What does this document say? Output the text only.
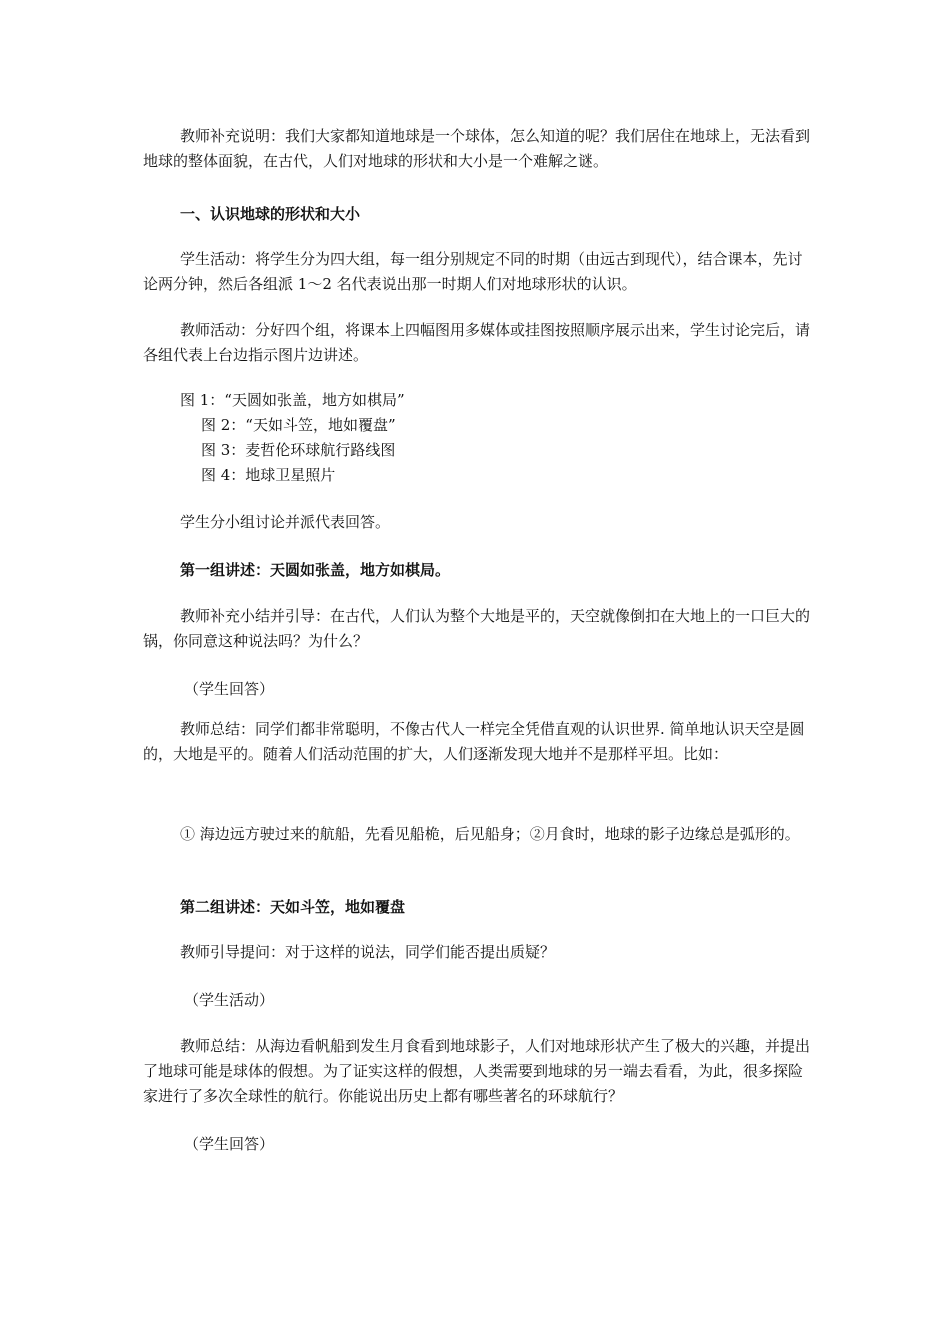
教师补充说明：我们大家都知道地球是一个球体，怎么知道的呢？我们居住在地球上，无法看到地球的整体面貌，在古代，人们对地球的形状和大小是一个难解之谜。

一、认识地球的形状和大小

学生活动：将学生分为四大组，每一组分别规定不同的时期（由远古到现代），结合课本，先讨论两分钟，然后各组派 1～2 名代表说出那一时期人们对地球形状的认识。

教师活动：分好四个组，将课本上四幅图用多媒体或挂图按照顺序展示出来，学生讨论完后，请各组代表上台边指示图片边讲述。

图 1：“天圆如张盖，地方如棋局”

图 2：“天如斗笠，地如覆盘”

图 3：麦哲伦环球航行路线图

图 4：地球卫星照片

学生分小组讨论并派代表回答。

第一组讲述：天圆如张盖，地方如棋局。

教师补充小结并引导：在古代，人们认为整个大地是平的，天空就像倒扣在大地上的一口巨大的锅，你同意这种说法吗？为什么？

（学生回答）

教师总结：同学们都非常聪明，不像古代人一样完全凭借直观的认识世界. 简单地认识天空是圆的，大地是平的。随着人们活动范围的扩大，人们逐渐发现大地并不是那样平坦。比如：

① 海边远方驶过来的航船，先看见船桅，后见船身；②月食时，地球的影子边缘总是弧形的。

第二组讲述：天如斗笠，地如覆盘

教师引导提问：对于这样的说法，同学们能否提出质疑？

（学生活动）

教师总结：从海边看帆船到发生月食看到地球影子，人们对地球形状产生了极大的兴趣，并提出了地球可能是球体的假想。为了证实这样的假想，人类需要到地球的另一端去看看，为此，很多探险家进行了多次全球性的航行。你能说出历史上都有哪些著名的环球航行？

（学生回答）
